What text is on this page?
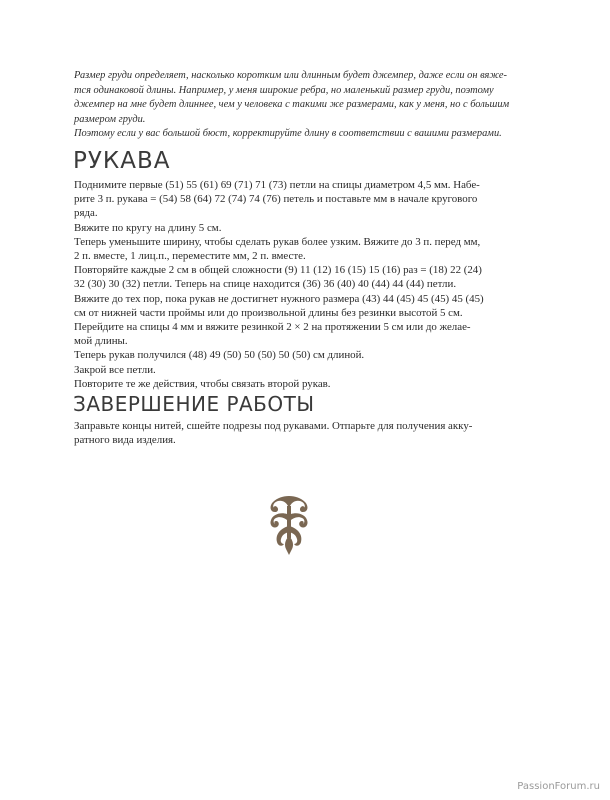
Размер груди определяет, насколько коротким или длинным будет джемпер, даже если он вяже-

тся одинаковой длины. Например, у меня широкие ребра, но маленький размер груди, поэтому

джемпер на мне будет длиннее, чем у человека с такими же размерами, как у меня, но с большим

размером груди.

Поэтому если у вас большой бюст, корректируйте длину в соответствии с вашими размерами.

РУКАВА

Поднимите первые (51) 55 (61) 69 (71) 71 (73) петли на спицы диаметром 4,5 мм. Набе-

рите 3 п. рукава = (54) 58 (64) 72 (74) 74 (76) петель и поставьте мм в начале кругового

ряда.

Вяжите по кругу на длину 5 см.

Теперь уменьшите ширину, чтобы сделать рукав более узким. Вяжите до 3 п. перед мм,

2 п. вместе, 1 лиц.п., переместите мм, 2 п. вместе.

Повторяйте каждые 2 см в общей сложности (9) 11 (12) 16 (15) 15 (16) раз = (18) 22 (24)

32 (30) 30 (32) петли. Теперь на спице находится (36) 36 (40) 40 (44) 44 (44) петли.

Вяжите до тех пор, пока рукав не достигнет нужного размера (43) 44 (45) 45 (45) 45 (45)

см от нижней части проймы или до произвольной длины без резинки высотой 5 см.

Перейдите на спицы 4 мм и вяжите резинкой 2 × 2 на протяжении 5 см или до желае-

мой длины.

Теперь рукав получился (48) 49 (50) 50 (50) 50 (50) см длиной.

Закрой все петли.

Повторите те же действия, чтобы связать второй рукав.

ЗАВЕРШЕНИЕ РАБОТЫ

Заправьте концы нитей, сшейте подрезы под рукавами. Отпарьте для получения акку-

ратного вида изделия.

PassionForum.ru
